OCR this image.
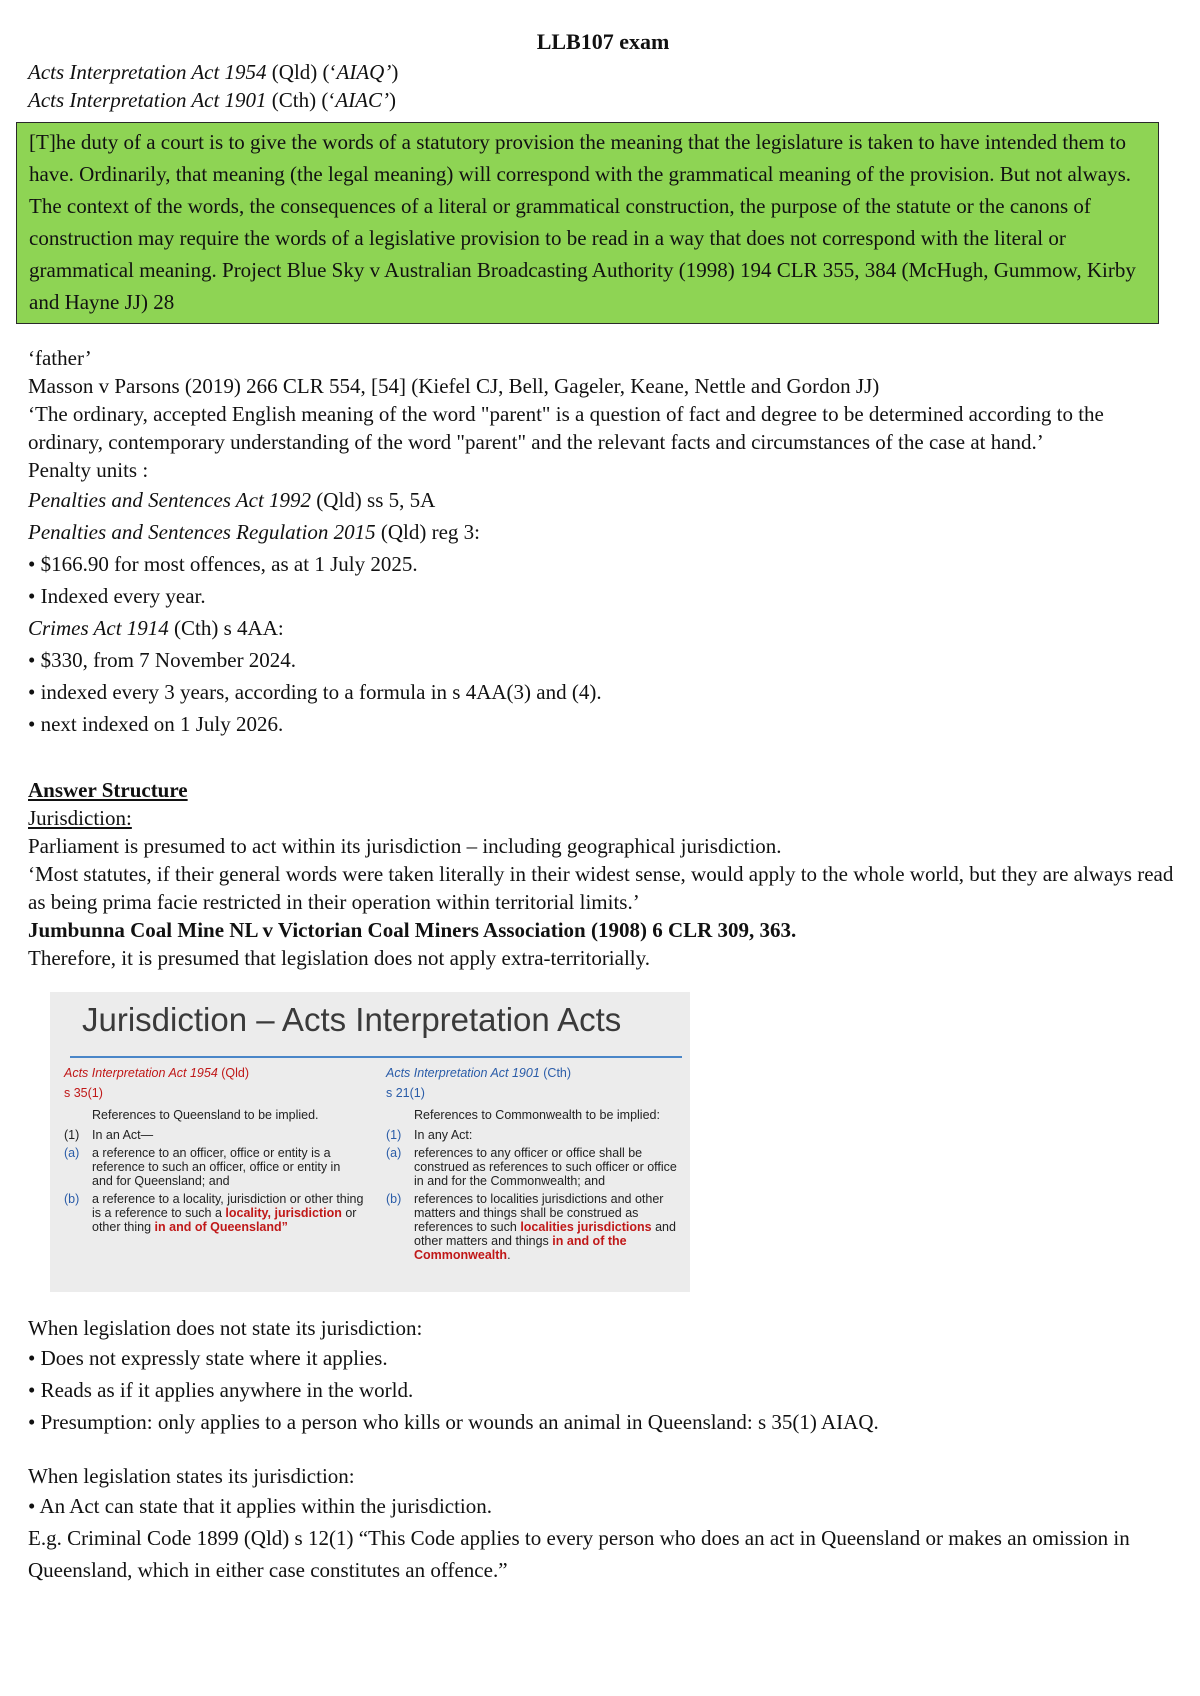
LLB107 exam

Acts Interpretation Act 1954 (Qld) (‘AIAQ’)

Acts Interpretation Act 1901 (Cth) (‘AIAC’)

[T]he duty of a court is to give the words of a statutory provision the meaning that the legislature is taken to have intended them to have. Ordinarily, that meaning (the legal meaning) will correspond with the grammatical meaning of the provision. But not always. The context of the words, the consequences of a literal or grammatical construction, the purpose of the statute or the canons of construction may require the words of a legislative provision to be read in a way that does not correspond with the literal or grammatical meaning. Project Blue Sky v Australian Broadcasting Authority (1998) 194 CLR 355, 384 (McHugh, Gummow, Kirby and Hayne JJ) 28

‘father’

Masson v Parsons (2019) 266 CLR 554, [54] (Kiefel CJ, Bell, Gageler, Keane, Nettle and Gordon JJ)

‘The ordinary, accepted English meaning of the word "parent" is a question of fact and degree to be determined according to the ordinary, contemporary understanding of the word "parent" and the relevant facts and circumstances of the case at hand.’

Penalty units :

Penalties and Sentences Act 1992 (Qld) ss 5, 5A

Penalties and Sentences Regulation 2015 (Qld) reg 3:

• $166.90 for most offences, as at 1 July 2025.
• Indexed every year.

Crimes Act 1914 (Cth) s 4AA:

• $330, from 7 November 2024.
• indexed every 3 years, according to a formula in s 4AA(3) and (4).
• next indexed on 1 July 2026.

Answer Structure

Jurisdiction:

Parliament is presumed to act within its jurisdiction – including geographical jurisdiction.

‘Most statutes, if their general words were taken literally in their widest sense, would apply to the whole world, but they are always read as being prima facie restricted in their operation within territorial limits.’

Jumbunna Coal Mine NL v Victorian Coal Miners Association (1908) 6 CLR 309, 363.

Therefore, it is presumed that legislation does not apply extra-territorially.

Jurisdiction – Acts Interpretation Acts
Acts Interpretation Act 1954 (Qld)
s 35(1)
References to Queensland to be implied.
(1)	In an Act—
(a)	a reference to an officer, office or entity is a reference to such an officer, office or entity in and for Queensland; and
(b)	a reference to a locality, jurisdiction or other thing is a reference to such a locality, jurisdiction or other thing in and of Queensland”
Acts Interpretation Act 1901 (Cth)
s 21(1)
References to Commonwealth to be implied:
(1)	In any Act:
(a)	references to any officer or office shall be construed as references to such officer or office in and for the Commonwealth; and
(b)	references to localities jurisdictions and other matters and things shall be construed as references to such localities jurisdictions and other matters and things in and of the Commonwealth.

When legislation does not state its jurisdiction:

• Does not expressly state where it applies.
• Reads as if it applies anywhere in the world.
• Presumption: only applies to a person who kills or wounds an animal in Queensland: s 35(1) AIAQ.

When legislation states its jurisdiction:

• An Act can state that it applies within the jurisdiction.

E.g. Criminal Code 1899 (Qld) s 12(1) “This Code applies to every person who does an act in Queensland or makes an omission in Queensland, which in either case constitutes an offence.”
